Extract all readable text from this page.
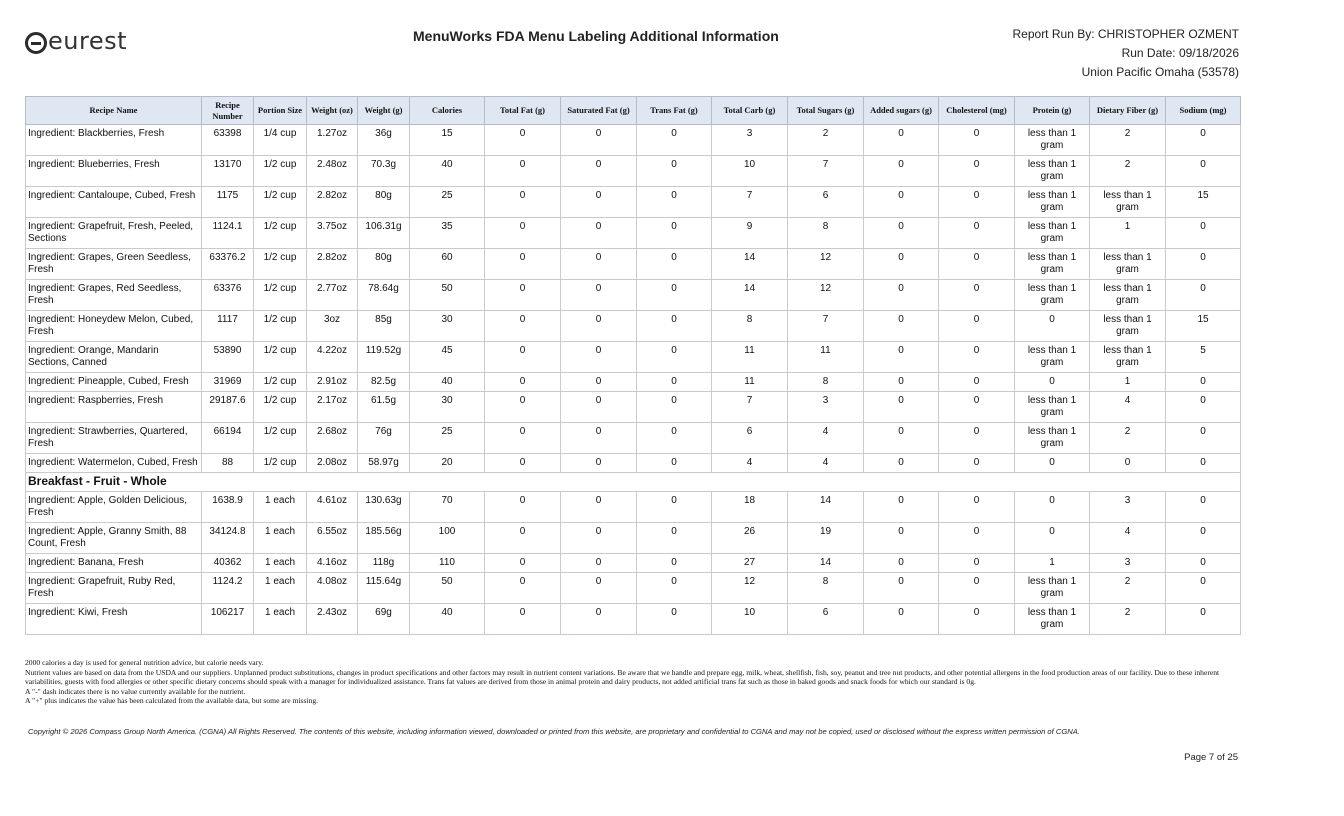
eurest	MenuWorks FDA Menu Labeling Additional Information	Report Run By: CHRISTOPHER OZMENT
Run Date: 09/18/2026
Union Pacific Omaha (53578)
Recipe Name	Recipe Number	Portion Size	Weight (oz)	Weight (g)	Calories	Total Fat (g)	Saturated Fat (g)	Trans Fat (g)	Total Carb (g)	Total Sugars (g)	Added sugars (g)	Cholesterol (mg)	Protein (g)	Dietary Fiber (g)	Sodium (mg)
Ingredient: Blackberries, Fresh	63398	1/4 cup	1.27oz	36g	15	0	0	0	3	2	0	0	less than 1 gram	2	0
Ingredient: Blueberries, Fresh	13170	1/2 cup	2.48oz	70.3g	40	0	0	0	10	7	0	0	less than 1 gram	2	0
Ingredient: Cantaloupe, Cubed, Fresh	1175	1/2 cup	2.82oz	80g	25	0	0	0	7	6	0	0	less than 1 gram	less than 1 gram	15
Ingredient: Grapefruit, Fresh, Peeled, Sections	1124.1	1/2 cup	3.75oz	106.31g	35	0	0	0	9	8	0	0	less than 1 gram	1	0
Ingredient: Grapes, Green Seedless, Fresh	63376.2	1/2 cup	2.82oz	80g	60	0	0	0	14	12	0	0	less than 1 gram	less than 1 gram	0
Ingredient: Grapes, Red Seedless, Fresh	63376	1/2 cup	2.77oz	78.64g	50	0	0	0	14	12	0	0	less than 1 gram	less than 1 gram	0
Ingredient: Honeydew Melon, Cubed, Fresh	1117	1/2 cup	3oz	85g	30	0	0	0	8	7	0	0	0	less than 1 gram	15
Ingredient: Orange, Mandarin Sections, Canned	53890	1/2 cup	4.22oz	119.52g	45	0	0	0	11	11	0	0	less than 1 gram	less than 1 gram	5
Ingredient: Pineapple, Cubed, Fresh	31969	1/2 cup	2.91oz	82.5g	40	0	0	0	11	8	0	0	0	1	0
Ingredient: Raspberries, Fresh	29187.6	1/2 cup	2.17oz	61.5g	30	0	0	0	7	3	0	0	less than 1 gram	4	0
Ingredient: Strawberries, Quartered, Fresh	66194	1/2 cup	2.68oz	76g	25	0	0	0	6	4	0	0	less than 1 gram	2	0
Ingredient: Watermelon, Cubed, Fresh	88	1/2 cup	2.08oz	58.97g	20	0	0	0	4	4	0	0	0	0	0
Breakfast - Fruit - Whole															
Ingredient: Apple, Golden Delicious, Fresh	1638.9	1 each	4.61oz	130.63g	70	0	0	0	18	14	0	0	0	3	0
Ingredient: Apple, Granny Smith, 88 Count, Fresh	34124.8	1 each	6.55oz	185.56g	100	0	0	0	26	19	0	0	0	4	0
Ingredient: Banana, Fresh	40362	1 each	4.16oz	118g	110	0	0	0	27	14	0	0	1	3	0
Ingredient: Grapefruit, Ruby Red, Fresh	1124.2	1 each	4.08oz	115.64g	50	0	0	0	12	8	0	0	less than 1 gram	2	0
Ingredient: Kiwi, Fresh	106217	1 each	2.43oz	69g	40	0	0	0	10	6	0	0	less than 1 gram	2	0

2000 calories a day is used for general nutrition advice, but calorie needs vary.

Nutrient values are based on data from the USDA and our suppliers. Unplanned product substitutions, changes in product specifications and other factors may result in nutrient content variations. Be aware that we handle and prepare egg, milk, wheat, shellfish, fish, soy, peanut and tree nut products, and other potential allergens in the food production areas of our facility. Due to these inherent variabilities, guests with food allergies or other specific dietary concerns should speak with a manager for individualized assistance. Trans fat values are derived from those in animal protein and dairy products, not added artificial trans fat such as those in baked goods and snack foods for which our standard is 0g.

A "-" dash indicates there is no value currently available for the nutrient.

A "+" plus indicates the value has been calculated from the available data, but some are missing.

Copyright © 2026 Compass Group North America. (CGNA) All Rights Reserved. The contents of this website, including information viewed, downloaded or printed from this website, are proprietary and confidential to CGNA and may not be copied, used or disclosed without the express written permission of CGNA.
Page 7 of 25
